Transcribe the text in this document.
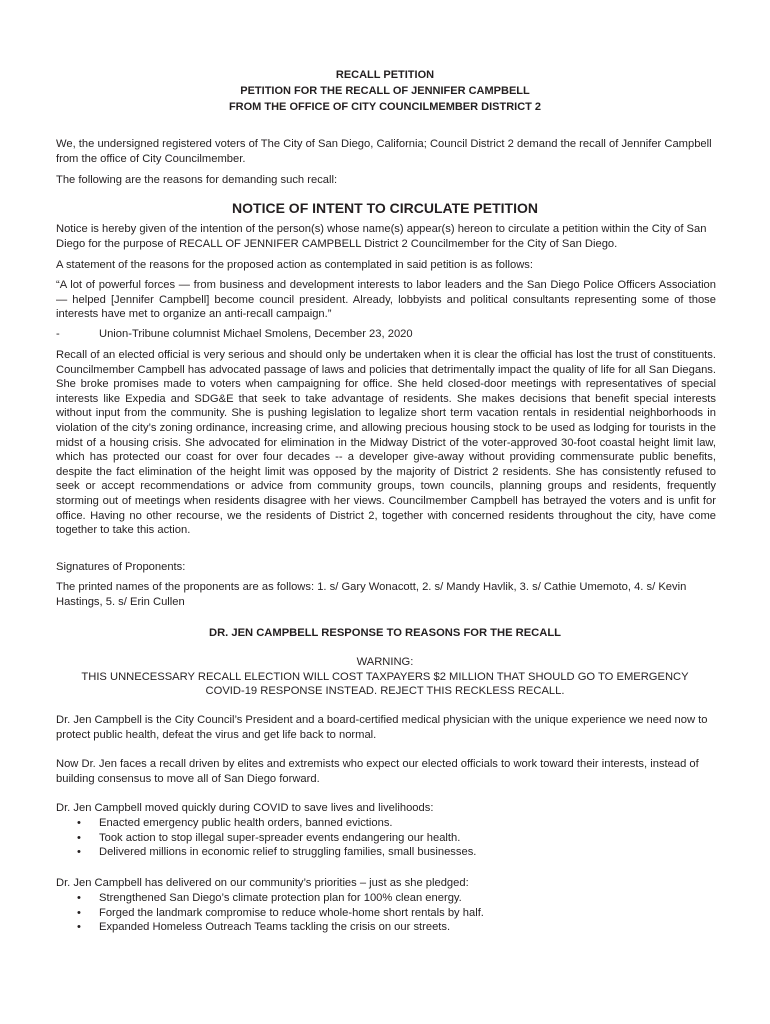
RECALL PETITION
PETITION FOR THE RECALL OF JENNIFER CAMPBELL
FROM THE OFFICE OF CITY COUNCILMEMBER DISTRICT 2

We, the undersigned registered voters of The City of San Diego, California; Council District 2 demand the recall of Jennifer Campbell from the office of City Councilmember.

The following are the reasons for demanding such recall:

NOTICE OF INTENT TO CIRCULATE PETITION

Notice is hereby given of the intention of the person(s) whose name(s) appear(s) hereon to circulate a petition within the City of San Diego for the purpose of RECALL OF JENNIFER CAMPBELL District 2 Councilmember for the City of San Diego.

A statement of the reasons for the proposed action as contemplated in said petition is as follows:

“A lot of powerful forces — from business and development interests to labor leaders and the San Diego Police Officers Association — helped [Jennifer Campbell] become council president. Already, lobbyists and political consultants representing some of those interests have met to organize an anti-recall campaign.”

-	Union-Tribune columnist Michael Smolens, December 23, 2020

Recall of an elected official is very serious and should only be undertaken when it is clear the official has lost the trust of constituents. Councilmember Campbell has advocated passage of laws and policies that detrimentally impact the quality of life for all San Diegans. She broke promises made to voters when campaigning for office. She held closed-door meetings with representatives of special interests like Expedia and SDG&E that seek to take advantage of residents. She makes decisions that benefit special interests without input from the community. She is pushing legislation to legalize short term vacation rentals in residential neighborhoods in violation of the city’s zoning ordinance, increasing crime, and allowing precious housing stock to be used as lodging for tourists in the midst of a housing crisis. She advocated for elimination in the Midway District of the voter-approved 30-foot coastal height limit law, which has protected our coast for over four decades -- a developer give-away without providing commensurate public benefits, despite the fact elimination of the height limit was opposed by the majority of District 2 residents. She has consistently refused to seek or accept recommendations or advice from community groups, town councils, planning groups and residents, frequently storming out of meetings when residents disagree with her views. Councilmember Campbell has betrayed the voters and is unfit for office. Having no other recourse, we the residents of District 2, together with concerned residents throughout the city, have come together to take this action.

Signatures of Proponents:

The printed names of the proponents are as follows: 1. s/ Gary Wonacott, 2. s/ Mandy Havlik, 3. s/ Cathie Umemoto, 4. s/ Kevin Hastings, 5. s/ Erin Cullen

DR. JEN CAMPBELL RESPONSE TO REASONS FOR THE RECALL
WARNING:
THIS UNNECESSARY RECALL ELECTION WILL COST TAXPAYERS $2 MILLION THAT SHOULD GO TO EMERGENCY
COVID-19 RESPONSE INSTEAD. REJECT THIS RECKLESS RECALL.

Dr. Jen Campbell is the City Council’s President and a board-certified medical physician with the unique experience we need now to protect public health, defeat the virus and get life back to normal.

Now Dr. Jen faces a recall driven by elites and extremists who expect our elected officials to work toward their interests, instead of building consensus to move all of San Diego forward.

Dr. Jen Campbell moved quickly during COVID to save lives and livelihoods:

• Enacted emergency public health orders, banned evictions.
• Took action to stop illegal super-spreader events endangering our health.
• Delivered millions in economic relief to struggling families, small businesses.

Dr. Jen Campbell has delivered on our community’s priorities – just as she pledged:

• Strengthened San Diego’s climate protection plan for 100% clean energy.
• Forged the landmark compromise to reduce whole-home short rentals by half.
• Expanded Homeless Outreach Teams tackling the crisis on our streets.
